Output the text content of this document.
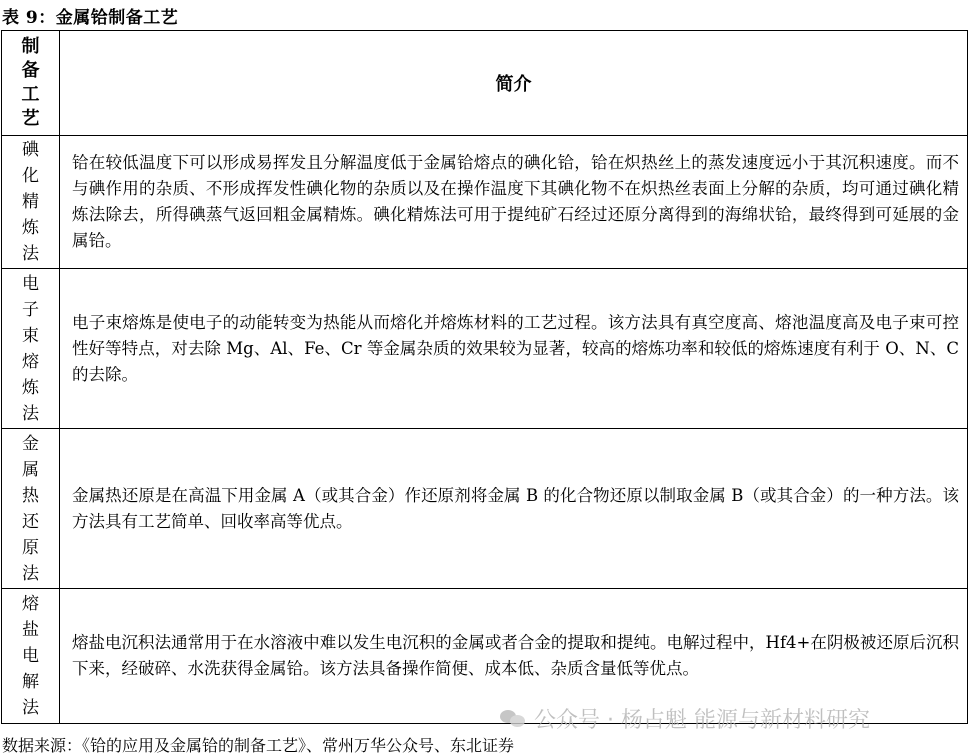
表 9：金属铪制备工艺
制备工艺	简介

碘化精炼法	铪在较低温度下可以形成易挥发且分解温度低于金属铪熔点的碘化铪，铪在炽热丝上的蒸发速度远小于其沉积速度。而不与碘作用的杂质、不形成挥发性碘化物的杂质以及在操作温度下其碘化物不在炽热丝表面上分解的杂质，均可通过碘化精炼法除去，所得碘蒸气返回粗金属精炼。碘化精炼法可用于提纯矿石经过还原分离得到的海绵状铪，最终得到可延展的金属铪。

电子束熔炼法	电子束熔炼是使电子的动能转变为热能从而熔化并熔炼材料的工艺过程。该方法具有真空度高、熔池温度高及电子束可控性好等特点，对去除 Mg、Al、Fe、Cr 等金属杂质的效果较为显著，较高的熔炼功率和较低的熔炼速度有利于 O、N、C 的去除。

金属热还原法	金属热还原是在高温下用金属 A（或其合金）作还原剂将金属 B 的化合物还原以制取金属 B（或其合金）的一种方法。该方法具有工艺简单、回收率高等优点。

熔盐电解法	熔盐电沉积法通常用于在水溶液中难以发生电沉积的金属或者合金的提取和提纯。电解过程中，Hf4+在阴极被还原后沉积下来，经破碎、水洗获得金属铪。该方法具备操作简便、成本低、杂质含量低等优点。
公众号 · 杨占魁 能源与新材料研究
数据来源：《铪的应用及金属铪的制备工艺》、常州万华公众号、东北证券
